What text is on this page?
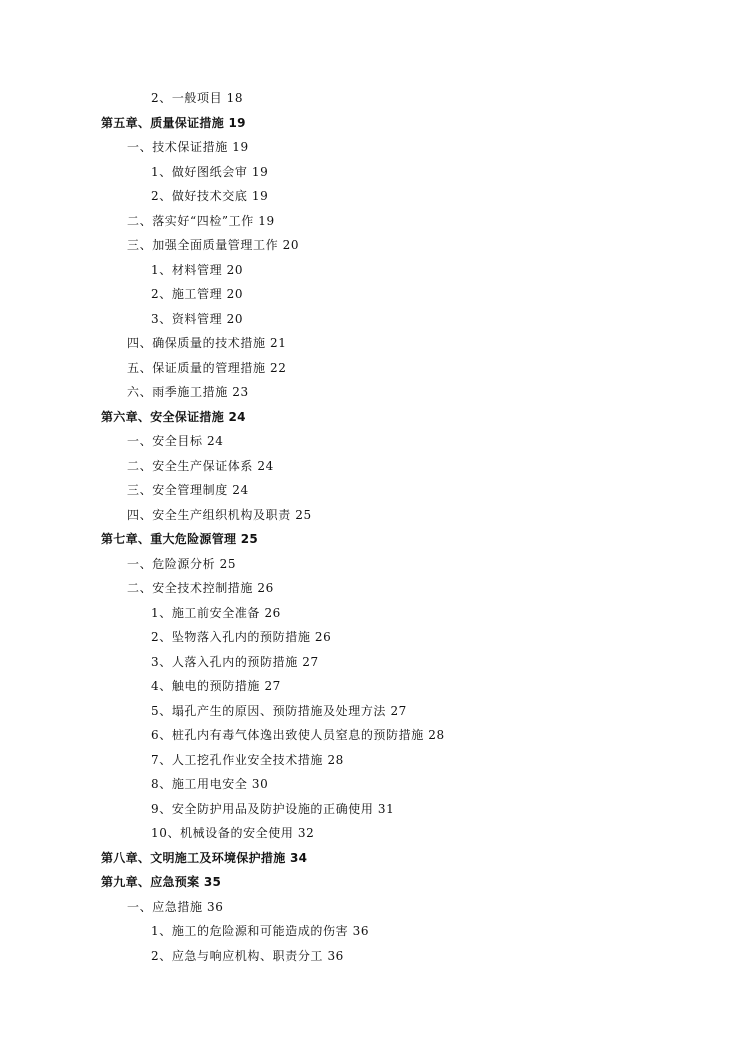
2、一般项目 18
第五章、质量保证措施 19
一、技术保证措施 19
1、做好图纸会审 19
2、做好技术交底 19
二、落实好“四检”工作 19
三、加强全面质量管理工作 20
1、材料管理 20
2、施工管理 20
3、资料管理 20
四、确保质量的技术措施 21
五、保证质量的管理措施 22
六、雨季施工措施 23
第六章、安全保证措施 24
一、安全目标 24
二、安全生产保证体系 24
三、安全管理制度 24
四、安全生产组织机构及职责 25
第七章、重大危险源管理 25
一、危险源分析 25
二、安全技术控制措施 26
1、施工前安全准备 26
2、坠物落入孔内的预防措施 26
3、人落入孔内的预防措施 27
4、触电的预防措施 27
5、塌孔产生的原因、预防措施及处理方法 27
6、桩孔内有毒气体逸出致使人员窒息的预防措施 28
7、人工挖孔作业安全技术措施 28
8、施工用电安全 30
9、安全防护用品及防护设施的正确使用 31
10、机械设备的安全使用 32
第八章、文明施工及环境保护措施 34
第九章、应急预案 35
一、应急措施 36
1、施工的危险源和可能造成的伤害 36
2、应急与响应机构、职责分工 36
